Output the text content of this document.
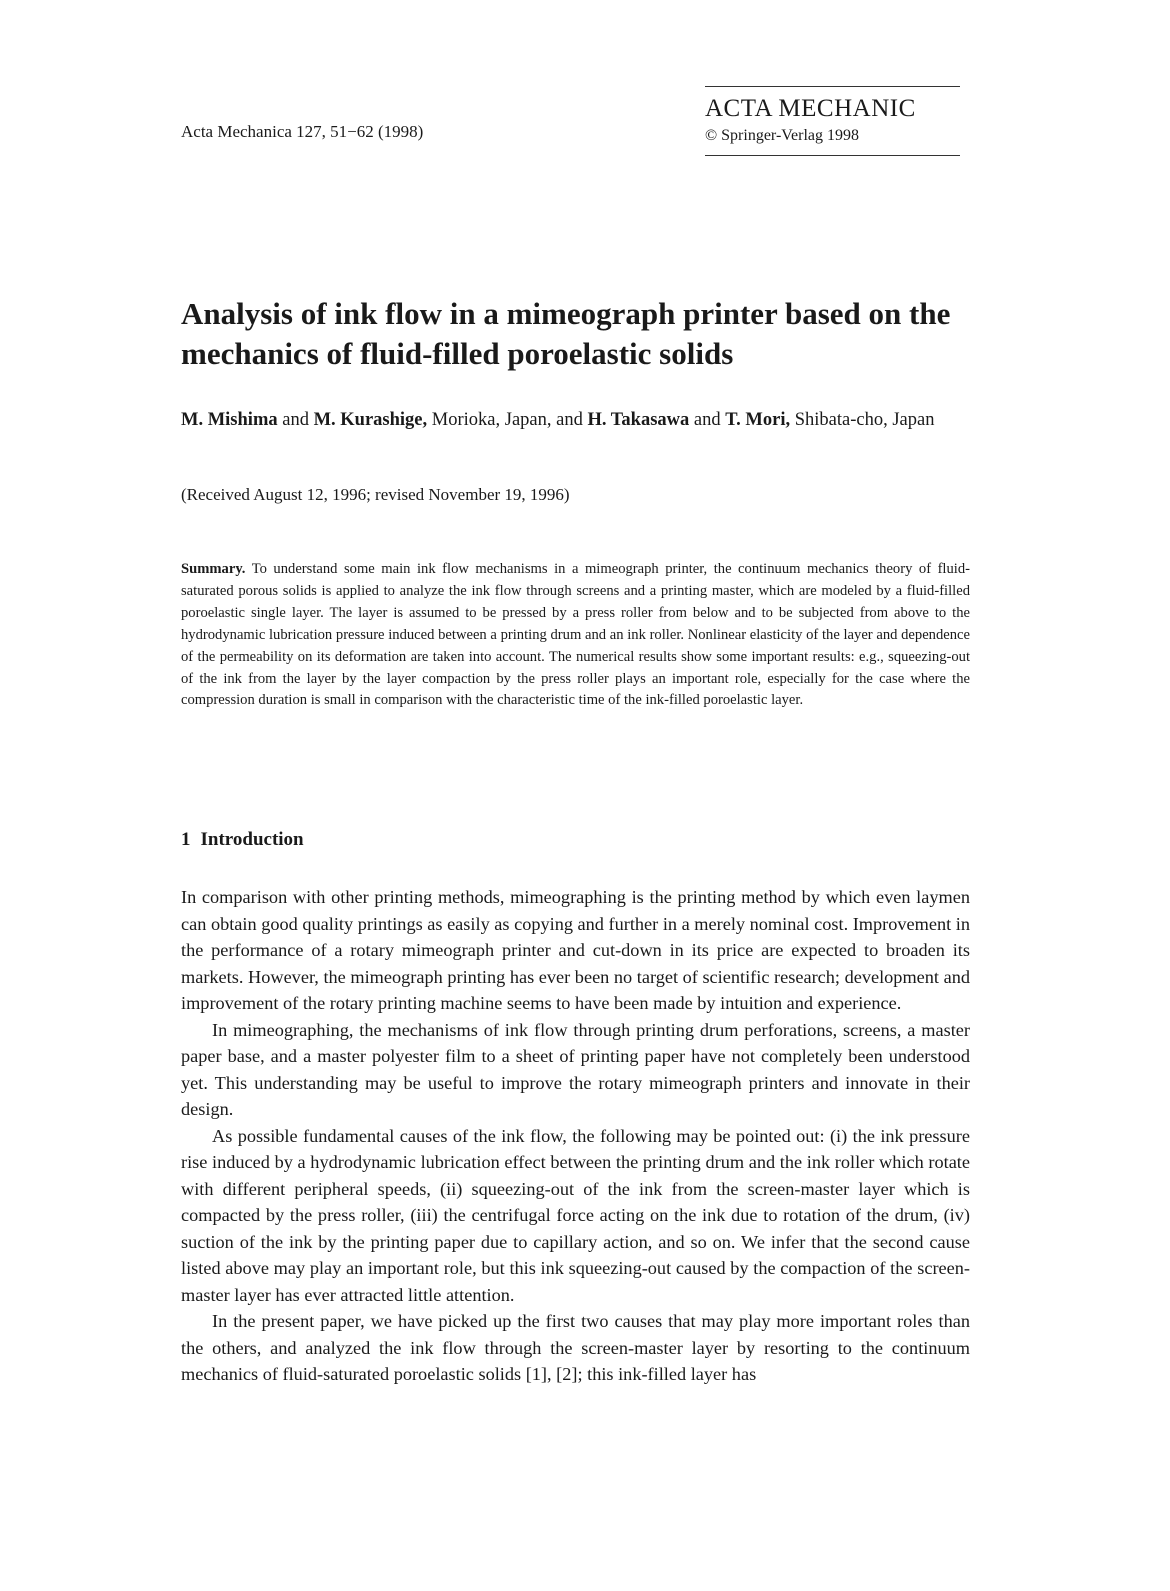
Acta Mechanica 127, 51−62 (1998)
ACTA MECHANIC
© Springer-Verlag 1998
Analysis of ink flow in a mimeograph printer based on the mechanics of fluid-filled poroelastic solids
M. Mishima and M. Kurashige, Morioka, Japan, and H. Takasawa and T. Mori, Shibata-cho, Japan
(Received August 12, 1996; revised November 19, 1996)
Summary. To understand some main ink flow mechanisms in a mimeograph printer, the continuum mechanics theory of fluid-saturated porous solids is applied to analyze the ink flow through screens and a printing master, which are modeled by a fluid-filled poroelastic single layer. The layer is assumed to be pressed by a press roller from below and to be subjected from above to the hydrodynamic lubrication pressure induced between a printing drum and an ink roller. Nonlinear elasticity of the layer and dependence of the permeability on its deformation are taken into account. The numerical results show some important results: e.g., squeezing-out of the ink from the layer by the layer compaction by the press roller plays an important role, especially for the case where the compression duration is small in comparison with the characteristic time of the ink-filled poroelastic layer.
1 Introduction

In comparison with other printing methods, mimeographing is the printing method by which even laymen can obtain good quality printings as easily as copying and further in a merely nominal cost. Improvement in the performance of a rotary mimeograph printer and cut-down in its price are expected to broaden its markets. However, the mimeograph printing has ever been no target of scientific research; development and improvement of the rotary printing machine seems to have been made by intuition and experience.

In mimeographing, the mechanisms of ink flow through printing drum perforations, screens, a master paper base, and a master polyester film to a sheet of printing paper have not completely been understood yet. This understanding may be useful to improve the rotary mimeograph printers and innovate in their design.

As possible fundamental causes of the ink flow, the following may be pointed out: (i) the ink pressure rise induced by a hydrodynamic lubrication effect between the printing drum and the ink roller which rotate with different peripheral speeds, (ii) squeezing-out of the ink from the screen-master layer which is compacted by the press roller, (iii) the centrifugal force acting on the ink due to rotation of the drum, (iv) suction of the ink by the printing paper due to capillary action, and so on. We infer that the second cause listed above may play an important role, but this ink squeezing-out caused by the compaction of the screen-master layer has ever attracted little attention.

In the present paper, we have picked up the first two causes that may play more important roles than the others, and analyzed the ink flow through the screen-master layer by resorting to the continuum mechanics of fluid-saturated poroelastic solids [1], [2]; this ink-filled layer has
